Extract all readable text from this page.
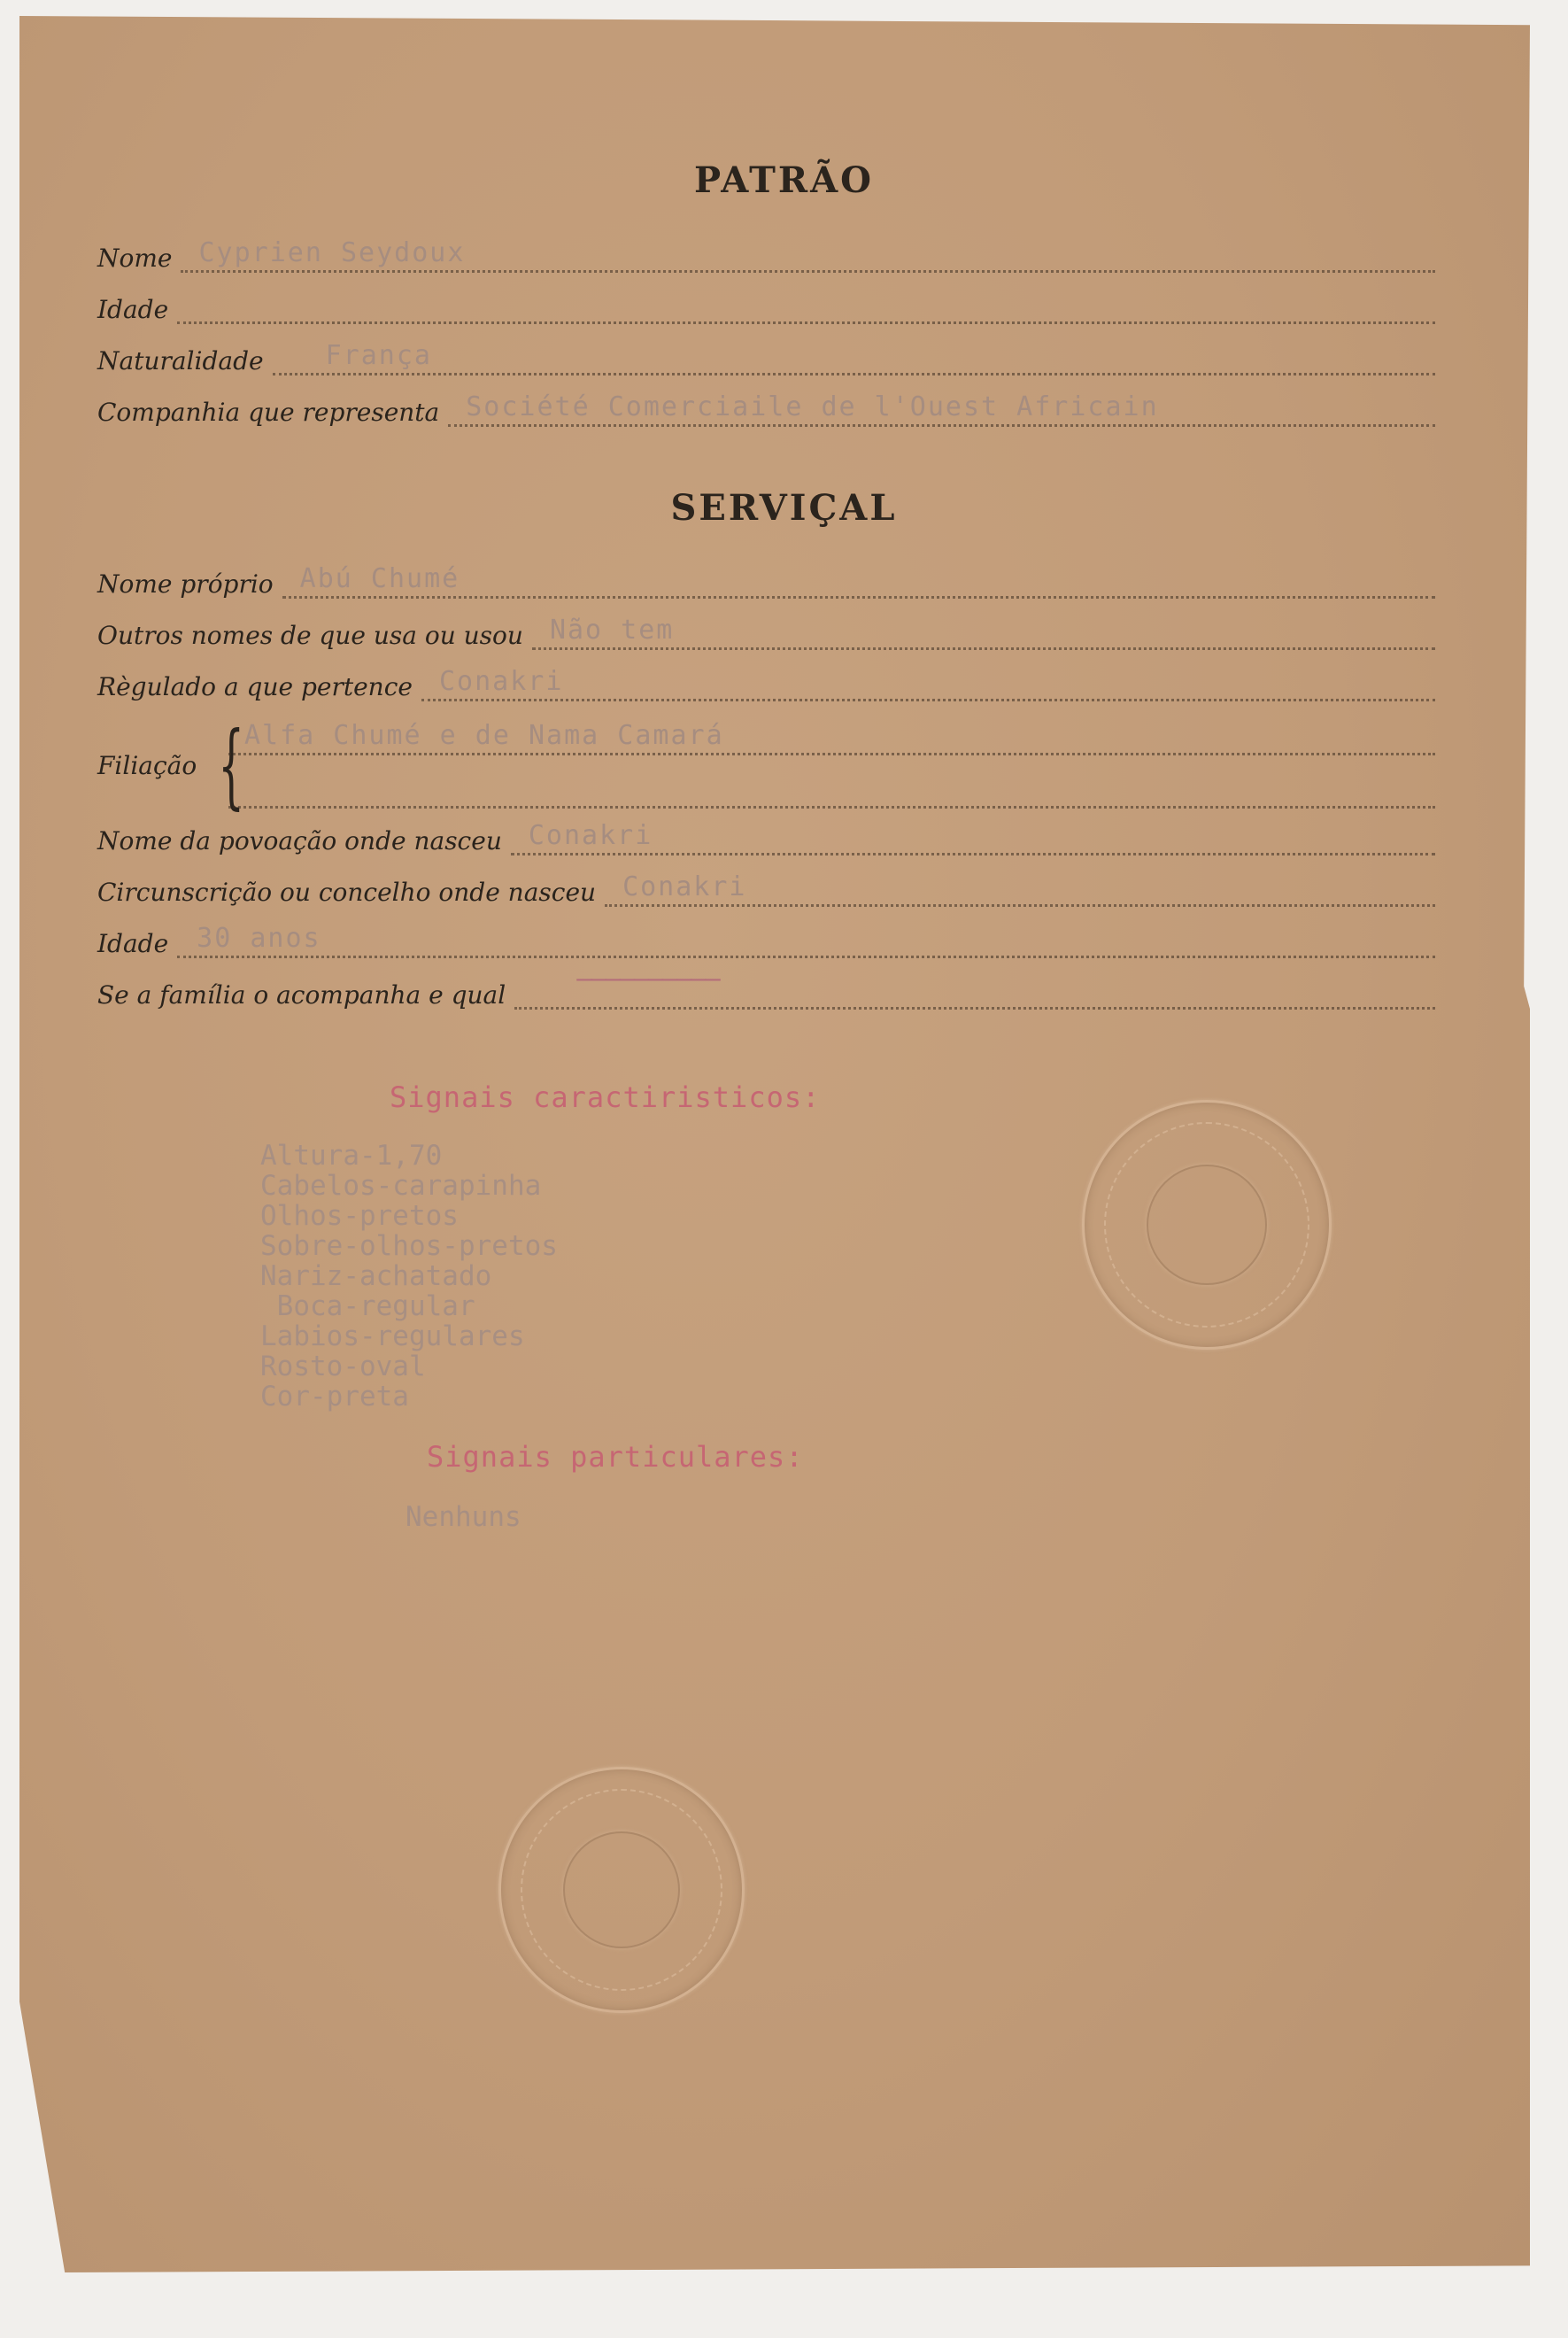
PATRÃO
Nome	Cyprien Seydoux
Idade
Naturalidade	França
Companhia que representa	Société Comerciaile de l'Ouest Africain
SERVIÇAL
Nome próprio	Abú Chumé
Outros nomes de que usa ou usou	Não tem
Règulado a que pertence	Conakri
Filiação { Alfa Chumé e de Nama Camará
Nome da povoação onde nasceu	Conakri
Circunscrição ou concelho onde nasceu	Conakri
Idade	30 anos
Se a família o acompanha e qual
——————————
Signais caractiristicos:
Altura-1,70
Cabelos-carapinha
Olhos-pretos
Sobre-olhos-pretos
Nariz-achatado
Boca-regular
Labios-regulares
Rosto-oval
Cor-preta
Signais particulares:
Nenhuns
